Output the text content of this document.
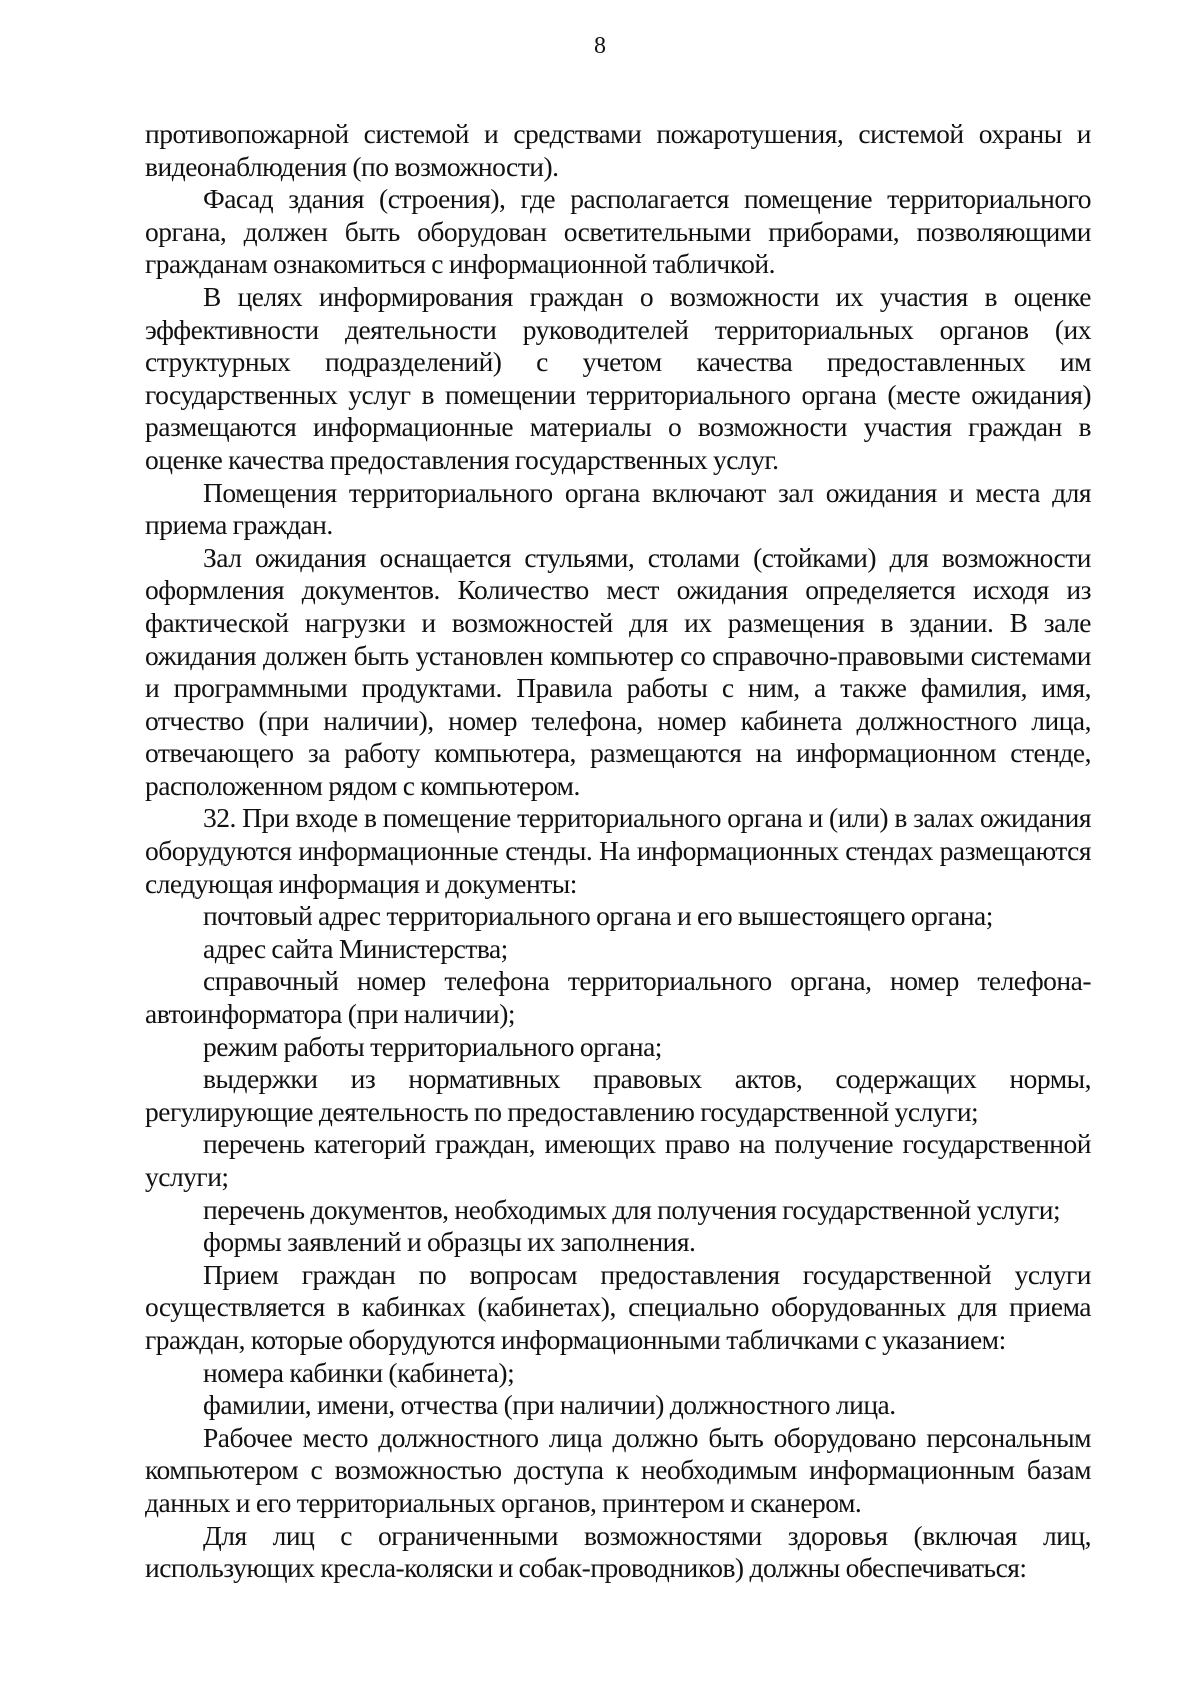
8

противопожарной системой и средствами пожаротушения, системой охраны и видеонаблюдения (по возможности).

Фасад здания (строения), где располагается помещение территориального органа, должен быть оборудован осветительными приборами, позволяющими гражданам ознакомиться с информационной табличкой.

В целях информирования граждан о возможности их участия в оценке эффективности деятельности руководителей территориальных органов (их структурных подразделений) с учетом качества предоставленных им государственных услуг в помещении территориального органа (месте ожидания) размещаются информационные материалы о возможности участия граждан в оценке качества предоставления государственных услуг.

Помещения территориального органа включают зал ожидания и места для приема граждан.

Зал ожидания оснащается стульями, столами (стойками) для возможности оформления документов. Количество мест ожидания определяется исходя из фактической нагрузки и возможностей для их размещения в здании. В зале ожидания должен быть установлен компьютер со справочно-правовыми системами и программными продуктами. Правила работы с ним, а также фамилия, имя, отчество (при наличии), номер телефона, номер кабинета должностного лица, отвечающего за работу компьютера, размещаются на информационном стенде, расположенном рядом с компьютером.

32. При входе в помещение территориального органа и (или) в залах ожидания оборудуются информационные стенды. На информационных стендах размещаются следующая информация и документы:

почтовый адрес территориального органа и его вышестоящего органа;

адрес сайта Министерства;

справочный номер телефона территориального органа, номер телефона-автоинформатора (при наличии);

режим работы территориального органа;

выдержки из нормативных правовых актов, содержащих нормы, регулирующие деятельность по предоставлению государственной услуги;

перечень категорий граждан, имеющих право на получение государственной услуги;

перечень документов, необходимых для получения государственной услуги;

формы заявлений и образцы их заполнения.

Прием граждан по вопросам предоставления государственной услуги осуществляется в кабинках (кабинетах), специально оборудованных для приема граждан, которые оборудуются информационными табличками с указанием:

номера кабинки (кабинета);

фамилии, имени, отчества (при наличии) должностного лица.

Рабочее место должностного лица должно быть оборудовано персональным компьютером с возможностью доступа к необходимым информационным базам данных и его территориальных органов, принтером и сканером.

Для лиц с ограниченными возможностями здоровья (включая лиц, использующих кресла-коляски и собак-проводников) должны обеспечиваться:
